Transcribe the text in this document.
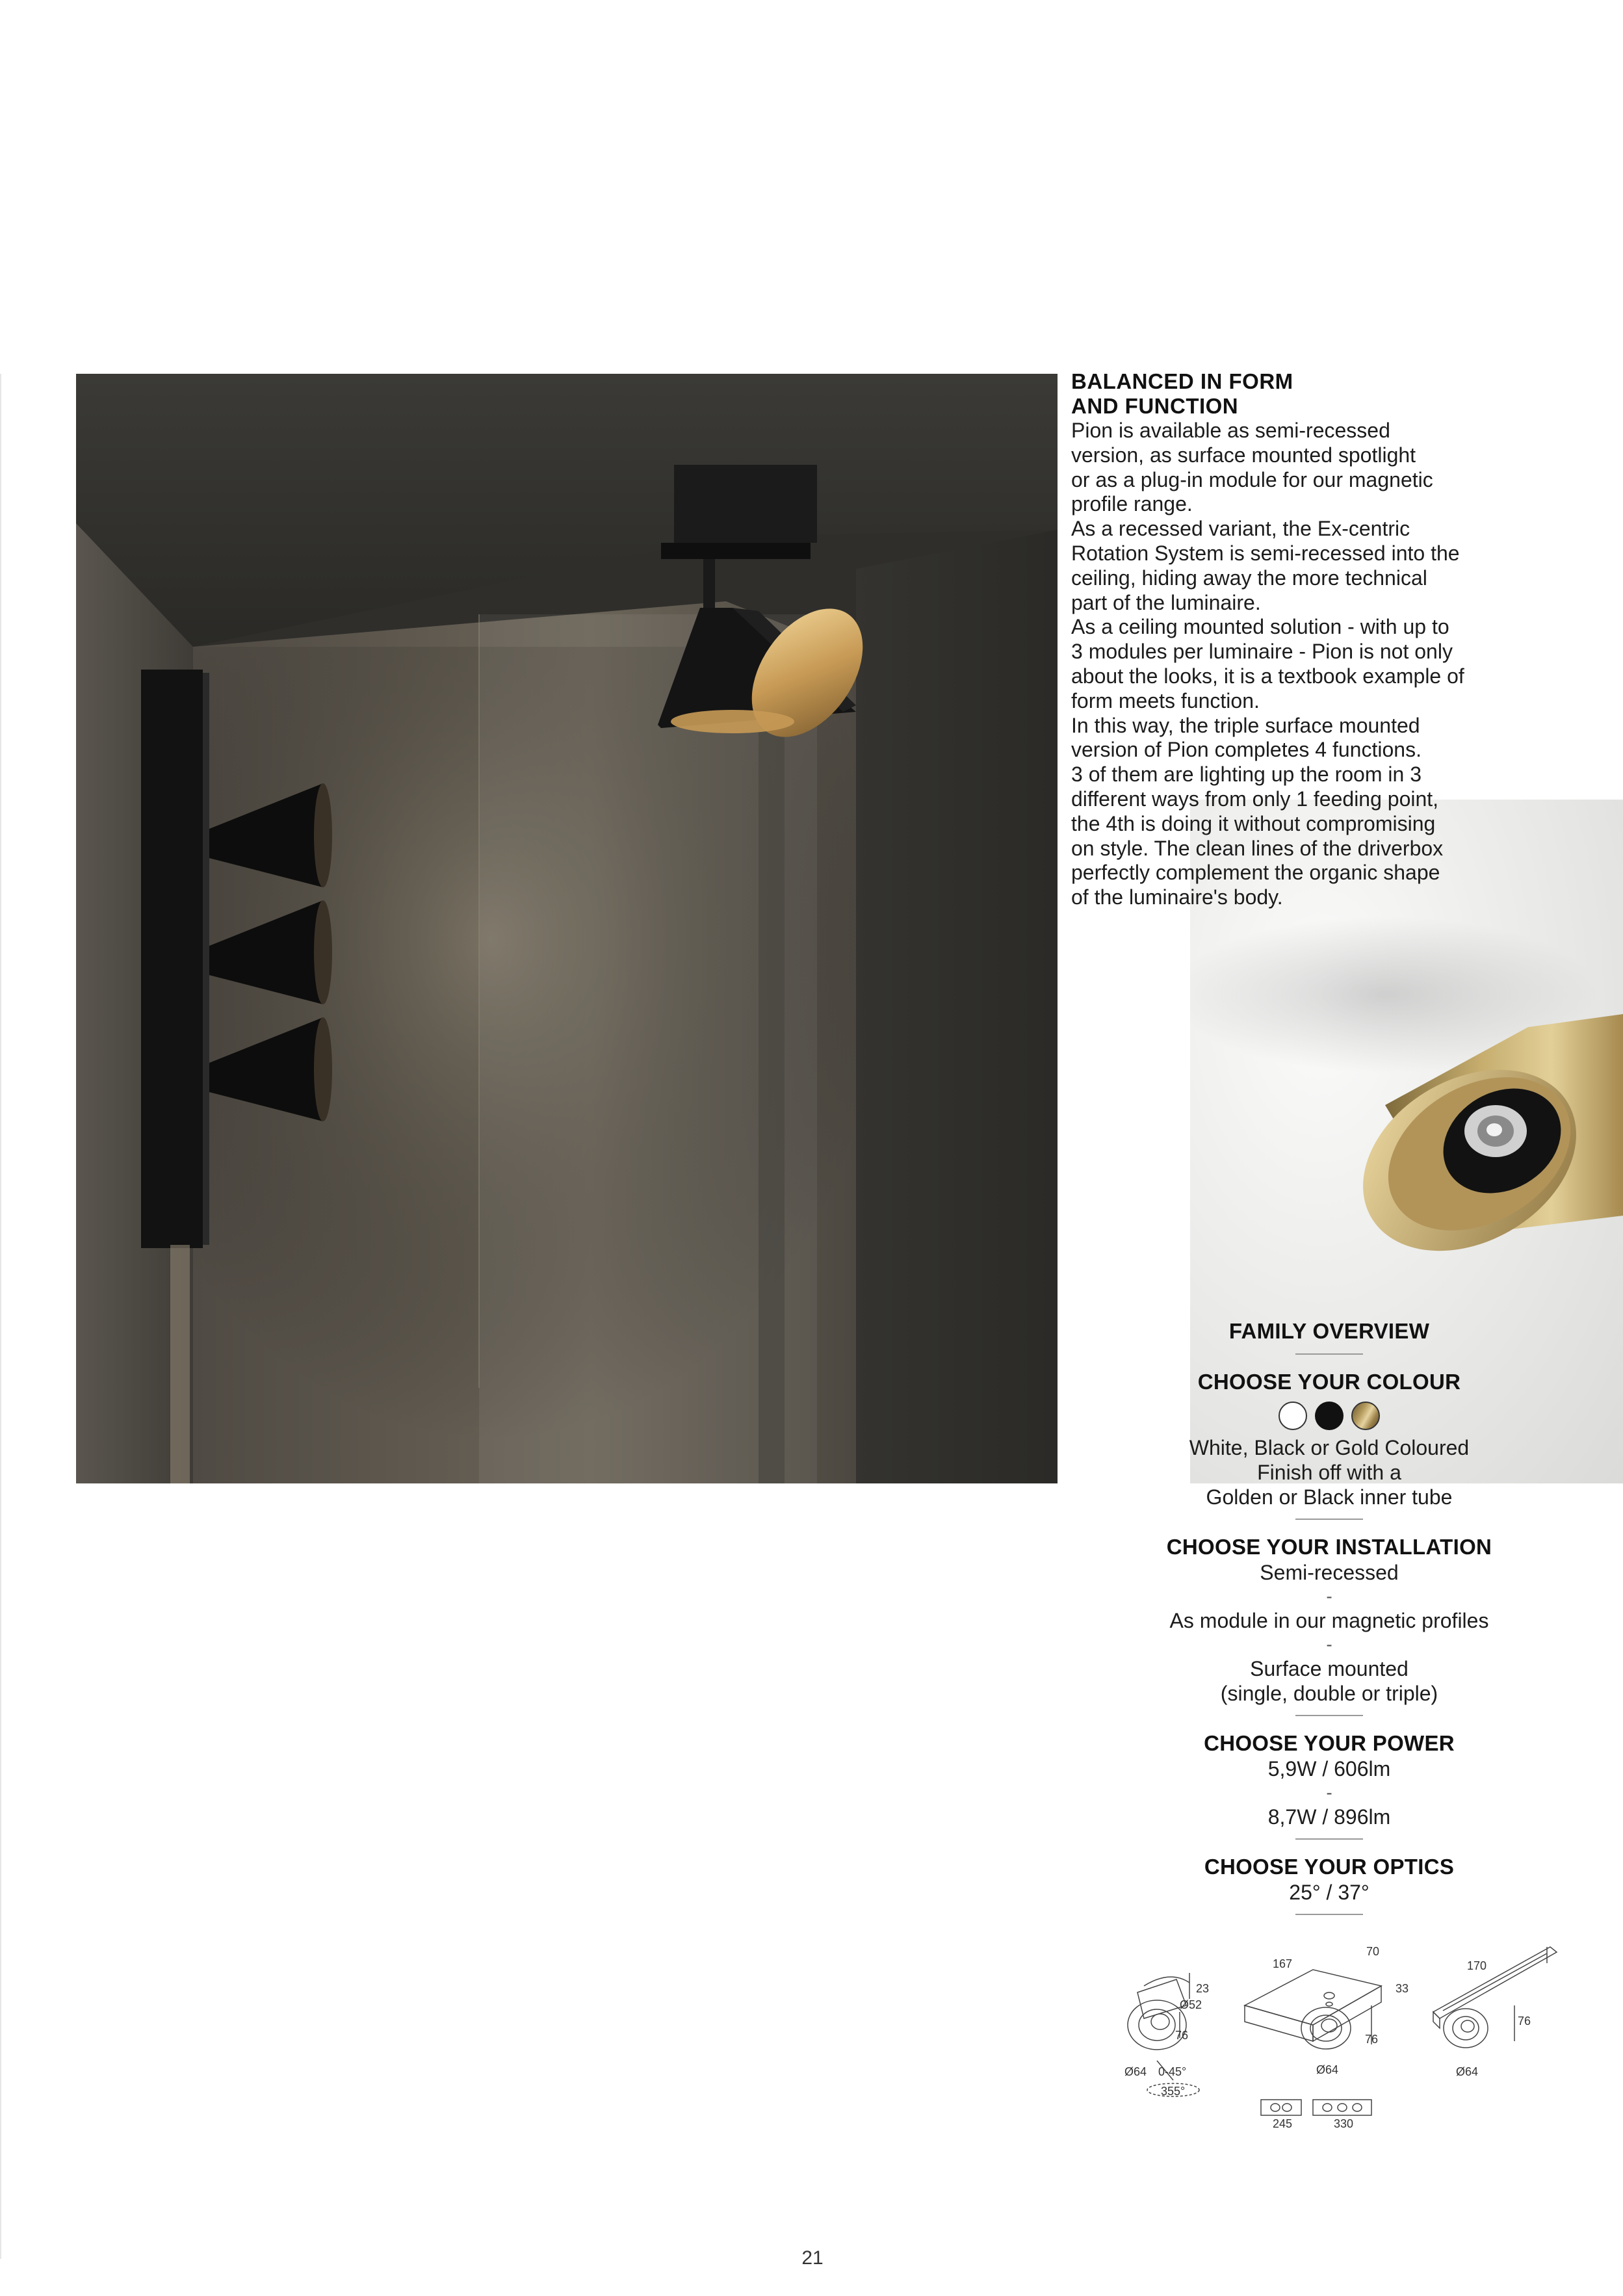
BALANCED IN FORM
AND FUNCTION

Pion is available as semi-recessed
version, as surface mounted spotlight
or as a plug-in module for our magnetic
profile range.
As a recessed variant, the Ex-centric
Rotation System is semi-recessed into the
ceiling, hiding away the more technical
part of the luminaire.
As a ceiling mounted solution - with up to
3 modules per luminaire - Pion is not only
about the looks, it is a textbook example of
form meets function.
In this way, the triple surface mounted
version of Pion completes 4 functions.
3 of them are lighting up the room in 3
different ways from only 1 feeding point,
the 4th is doing it without compromising
on style. The clean lines of the driverbox
perfectly complement the organic shape
of the luminaire's body.

FAMILY OVERVIEW
CHOOSE YOUR COLOUR

White, Black or Gold Coloured

Finish off with a

Golden or Black inner tube

CHOOSE YOUR INSTALLATION

Semi-recessed

-

As module in our magnetic profiles

-

Surface mounted

(single, double or triple)

CHOOSE YOUR POWER

5,9W / 606lm

-

8,7W / 896lm

CHOOSE YOUR OPTICS

25° / 37°

23
Ø52
76
Ø64 0-45°
355°
167
70
33
76
Ø64
245	330
170
76
Ø64
21
